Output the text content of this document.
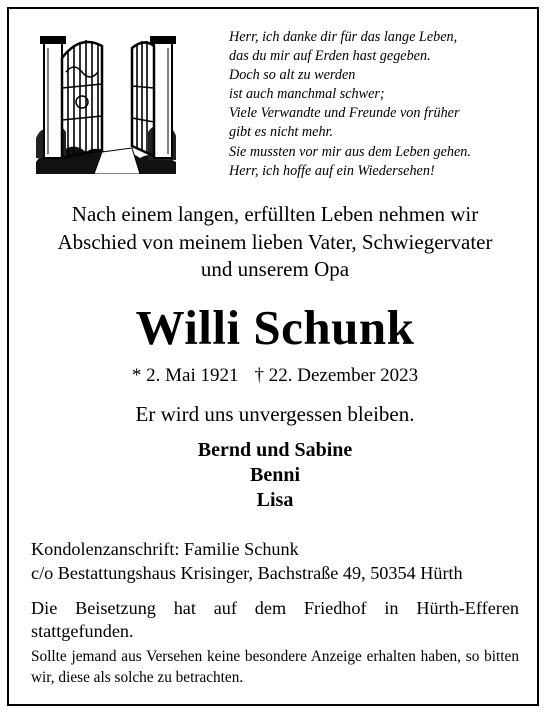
Herr, ich danke dir für das lange Leben,
das du mir auf Erden hast gegeben.
Doch so alt zu werden
ist auch manchmal schwer;
Viele Verwandte und Freunde von früher
gibt es nicht mehr.
Sie mussten vor mir aus dem Leben gehen.
Herr, ich hoffe auf ein Wiedersehen!
Nach einem langen, erfüllten Leben nehmen wir
Abschied von meinem lieben Vater, Schwiegervater
und unserem Opa
Willi Schunk
* 2. Mai 1921 † 22. Dezember 2023
Er wird uns unvergessen bleiben.
Bernd und Sabine
Benni
Lisa
Kondolenzanschrift: Familie Schunk
c/o Bestattungshaus Krisinger, Bachstraße 49, 50354 Hürth
Die Beisetzung hat auf dem Friedhof in Hürth-Efferen stattgefunden.
Sollte jemand aus Versehen keine besondere Anzeige erhalten haben, so bitten wir, diese als solche zu betrachten.
